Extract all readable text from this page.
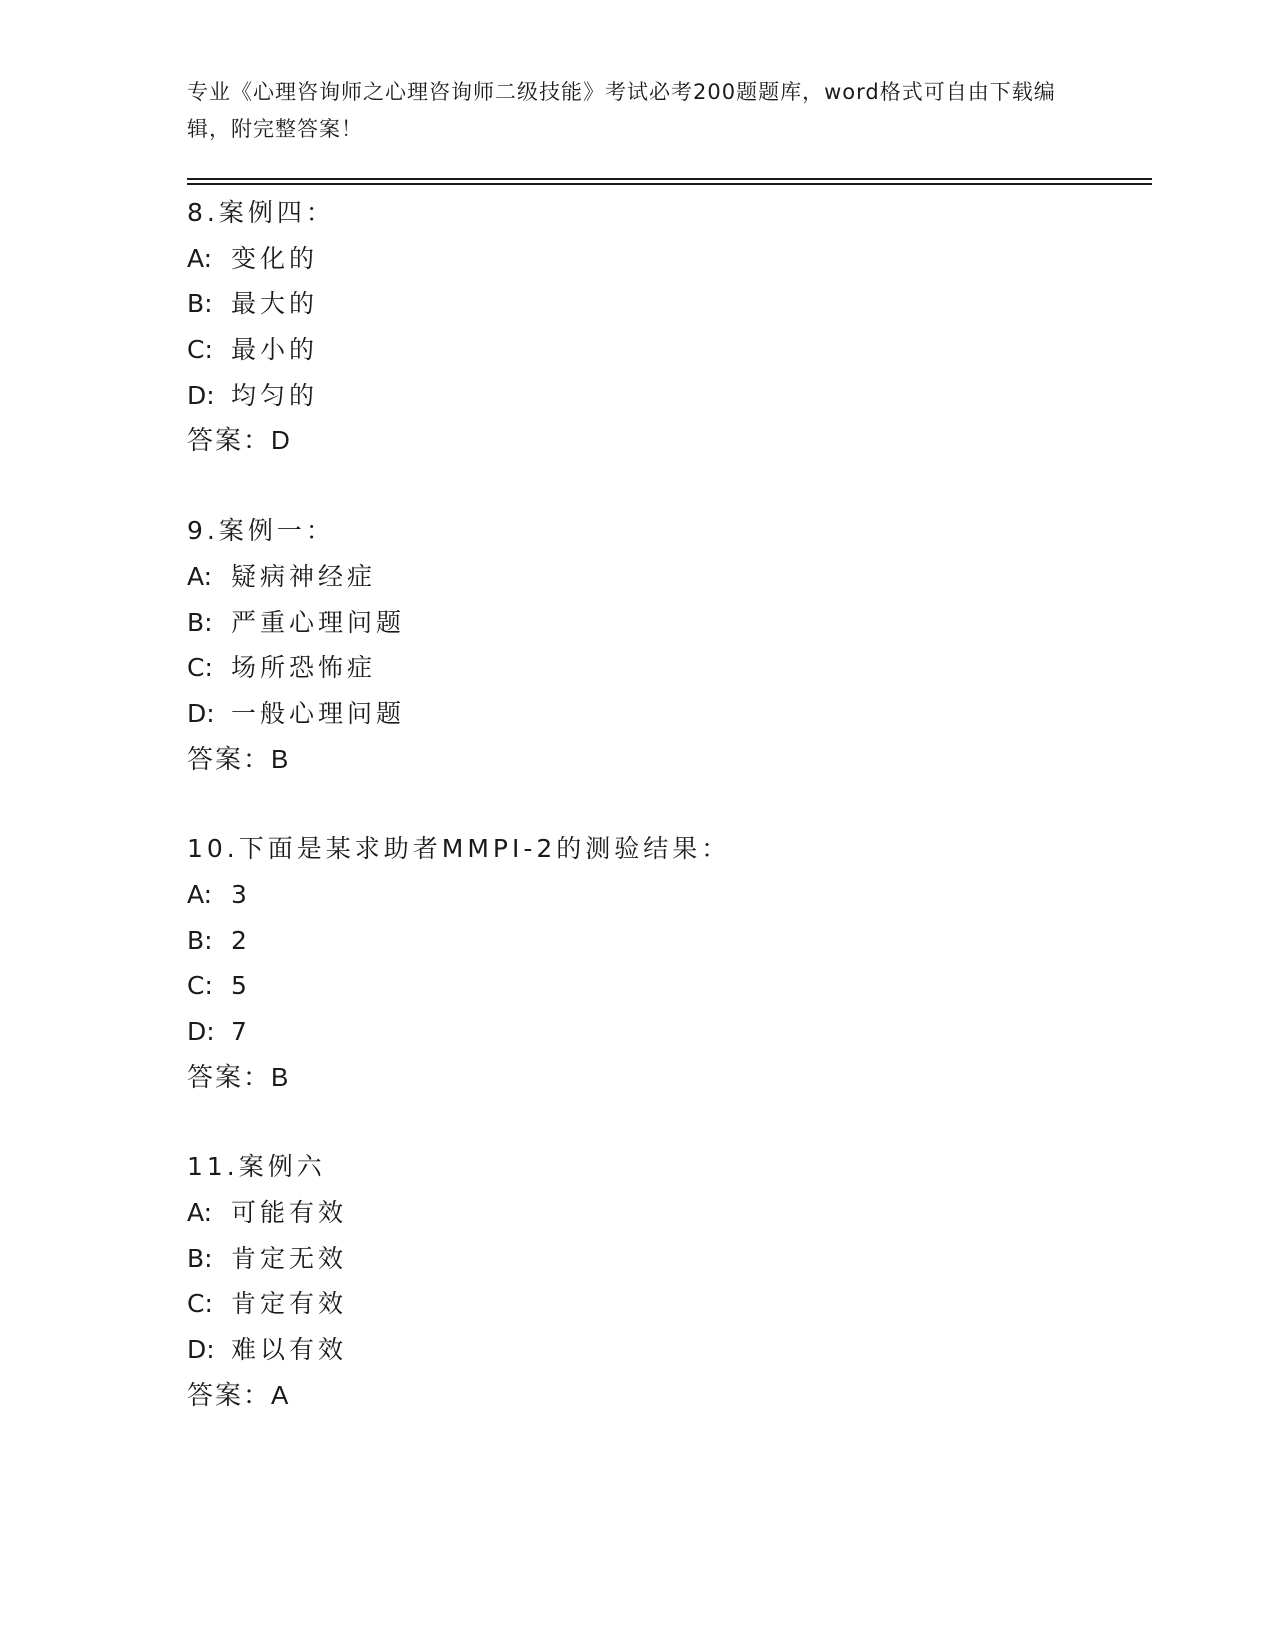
专业《心理咨询师之心理咨询师二级技能》考试必考200题题库，word格式可自由下载编辑，附完整答案！
8.案例四：
A: 变化的
B: 最大的
C: 最小的
D: 均匀的
答案：D
9.案例一：
A: 疑病神经症
B: 严重心理问题
C: 场所恐怖症
D: 一般心理问题
答案：B
10.下面是某求助者MMPI-2的测验结果：
A: 3
B: 2
C: 5
D: 7
答案：B
11.案例六
A: 可能有效
B: 肯定无效
C: 肯定有效
D: 难以有效
答案：A
